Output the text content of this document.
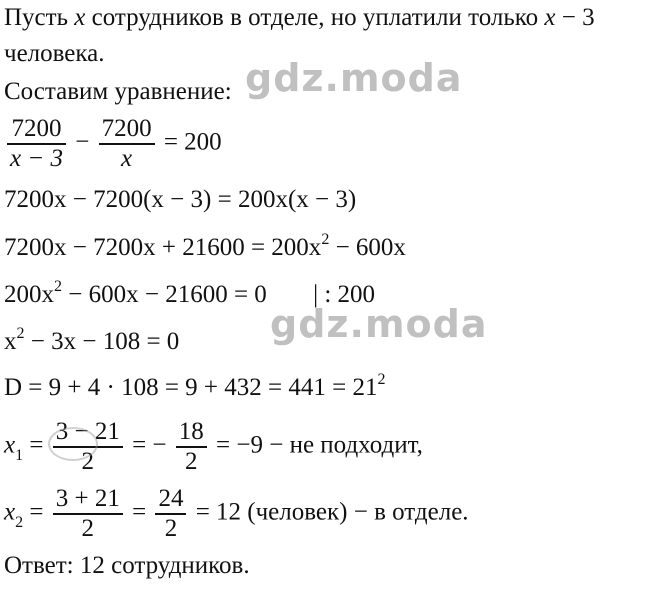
Пусть x сотрудников в отделе, но уплатили только x − 3
человека.
Составим уравнение:
$\frac{7200}{x - 3} - \frac{7200}{x} = 200$
7200x − 7200(x − 3) = 200x(x − 3)
$7200x - 7200x + 21600 = 200x^2 - 600x$
$200x^2 - 600x - 21600 = 0$ | : 200
$x^2 - 3x - 108 = 0$
$D = 9 + 4 \cdot 108 = 9 + 432 = 441 = 21^2$
$x_1 = \frac{3 - 21}{2}$ = − $\frac{18}{2} = -9$ − не подходит,
$x_2 = \frac{3 + 21}{2} = \frac{24}{2} = 12$ (человек) − в отделе.
Ответ: 12 сотрудников.
gdz.moda
gdz.moda
